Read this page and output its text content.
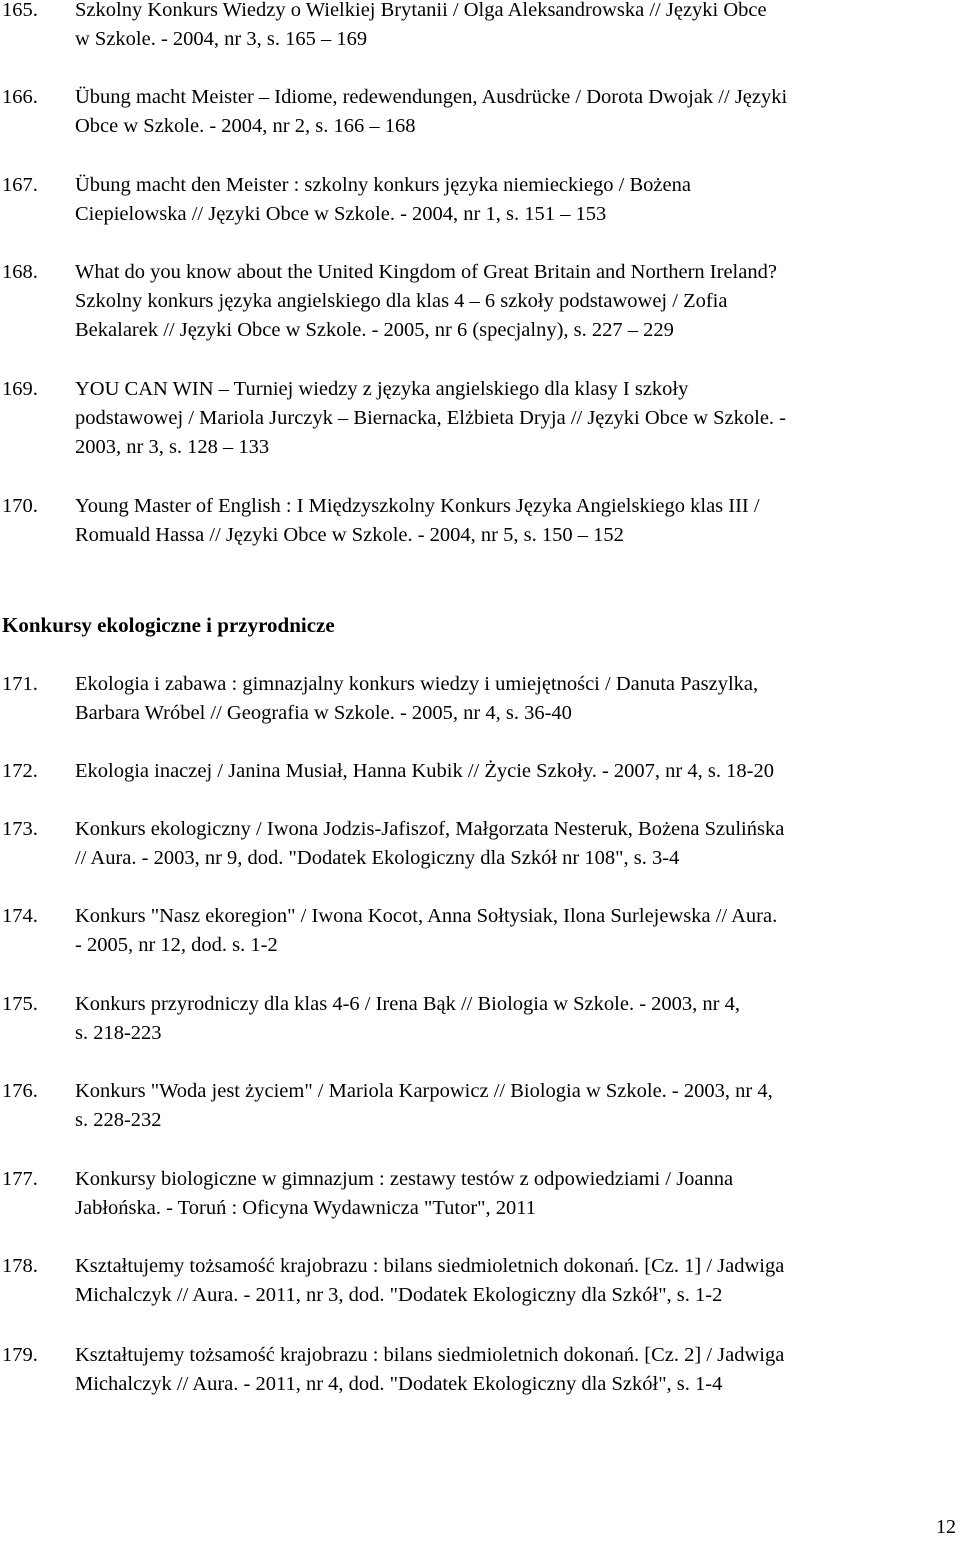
165.	Szkolny Konkurs Wiedzy o Wielkiej Brytanii / Olga Aleksandrowska // Języki Obce
w Szkole. - 2004, nr 3, s. 165 – 169
166.	Übung macht Meister – Idiome, redewendungen, Ausdrücke / Dorota Dwojak // Języki
Obce w Szkole. - 2004, nr 2, s. 166 – 168
167.	Übung macht den Meister : szkolny konkurs języka niemieckiego / Bożena
Ciepielowska // Języki Obce w Szkole. - 2004, nr 1, s. 151 – 153
168.	What do you know about the United Kingdom of Great Britain and Northern Ireland?
Szkolny konkurs języka angielskiego dla klas 4 – 6 szkoły podstawowej / Zofia
Bekalarek // Języki Obce w Szkole. - 2005, nr 6 (specjalny), s. 227 – 229
169.	YOU CAN WIN – Turniej wiedzy z języka angielskiego dla klasy I szkoły
podstawowej / Mariola Jurczyk – Biernacka, Elżbieta Dryja // Języki Obce w Szkole. -
2003, nr 3, s. 128 – 133
170.	Young Master of English : I Międzyszkolny Konkurs Języka Angielskiego klas III /
Romuald Hassa // Języki Obce w Szkole. - 2004, nr 5, s. 150 – 152
Konkursy ekologiczne i przyrodnicze
171.	Ekologia i zabawa : gimnazjalny konkurs wiedzy i umiejętności / Danuta Paszylka,
Barbara Wróbel // Geografia w Szkole. - 2005, nr 4, s. 36-40
172.	Ekologia inaczej / Janina Musiał, Hanna Kubik // Życie Szkoły. - 2007, nr 4, s. 18-20
173.	Konkurs ekologiczny / Iwona Jodzis-Jafiszof, Małgorzata Nesteruk, Bożena Szulińska
// Aura. - 2003, nr 9, dod. "Dodatek Ekologiczny dla Szkół nr 108", s. 3-4
174.	Konkurs "Nasz ekoregion" / Iwona Kocot, Anna Sołtysiak, Ilona Surlejewska // Aura.
- 2005, nr 12, dod. s. 1-2
175.	Konkurs przyrodniczy dla klas 4-6 / Irena Bąk // Biologia w Szkole. - 2003, nr 4,
s. 218-223
176.	Konkurs "Woda jest życiem" / Mariola Karpowicz // Biologia w Szkole. - 2003, nr 4,
s. 228-232
177.	Konkursy biologiczne w gimnazjum : zestawy testów z odpowiedziami / Joanna
Jabłońska. - Toruń : Oficyna Wydawnicza "Tutor", 2011
178.	Kształtujemy tożsamość krajobrazu : bilans siedmioletnich dokonań. [Cz. 1] / Jadwiga
Michalczyk // Aura. - 2011, nr 3, dod. "Dodatek Ekologiczny dla Szkół", s. 1-2
179.	Kształtujemy tożsamość krajobrazu : bilans siedmioletnich dokonań. [Cz. 2] / Jadwiga
Michalczyk // Aura. - 2011, nr 4, dod. "Dodatek Ekologiczny dla Szkół", s. 1-4
12
